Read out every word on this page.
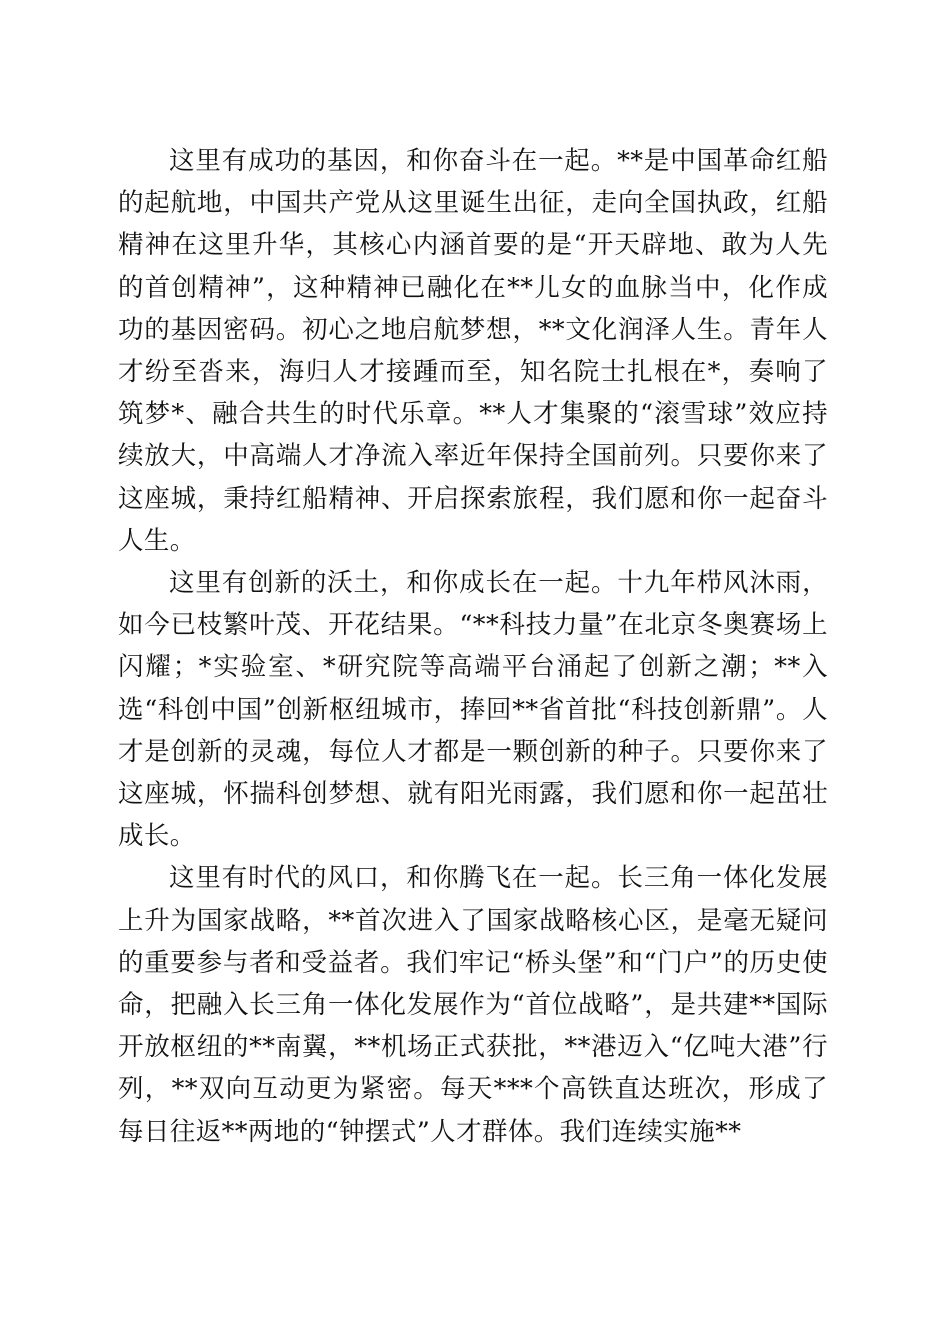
这里有成功的基因，和你奋斗在一起。**是中国革命红船的起航地，中国共产党从这里诞生出征，走向全国执政，红船精神在这里升华，其核心内涵首要的是“开天辟地、敢为人先的首创精神”，这种精神已融化在**儿女的血脉当中，化作成功的基因密码。初心之地启航梦想，**文化润泽人生。青年人才纷至沓来，海归人才接踵而至，知名院士扎根在*，奏响了筑梦*、融合共生的时代乐章。**人才集聚的“滚雪球”效应持续放大，中高端人才净流入率近年保持全国前列。只要你来了这座城，秉持红船精神、开启探索旅程，我们愿和你一起奋斗人生。

这里有创新的沃土，和你成长在一起。十九年栉风沐雨，如今已枝繁叶茂、开花结果。“**科技力量”在北京冬奥赛场上闪耀；*实验室、*研究院等高端平台涌起了创新之潮；**入选“科创中国”创新枢纽城市，捧回**省首批“科技创新鼎”。人才是创新的灵魂，每位人才都是一颗创新的种子。只要你来了这座城，怀揣科创梦想、就有阳光雨露，我们愿和你一起茁壮成长。

这里有时代的风口，和你腾飞在一起。长三角一体化发展上升为国家战略，**首次进入了国家战略核心区，是毫无疑问的重要参与者和受益者。我们牢记“桥头堡”和“门户”的历史使命，把融入长三角一体化发展作为“首位战略”，是共建**国际开放枢纽的**南翼，**机场正式获批，**港迈入“亿吨大港”行列，**双向互动更为紧密。每天***个高铁直达班次，形成了每日往返**两地的“钟摆式”人才群体。我们连续实施**
